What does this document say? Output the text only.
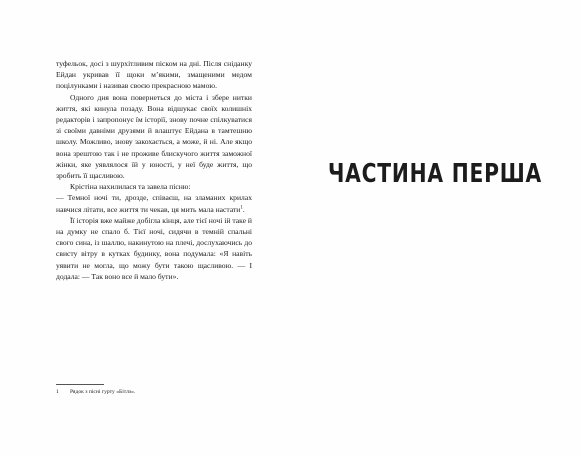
туфельок, досі з шурхітливим піском на дні. Після сніданку Ейдан укривав її щоки м’якими, змащеними медом поцілунками і називав своєю прекрасною мамою.

Одного дня вона повернеться до міста і збере нитки життя, які кинула позаду. Вона відшукає своїх колишніх редакторів і запропонує їм історії, знову почне спілкуватися зі своїми давніми друзями й влаштує Ейдана в тамтешню школу. Можливо, знову закохається, а може, й ні. Але якщо вона зрештою так і не проживе блискучого життя заможної жінки, яке уявлялося їй у юності, у неї буде життя, що зробить її щасливою.

Крістіна нахилилася та завела пісню:

— Темної ночі ти, дрозде, співаєш, на зламаних крилах навчися літати, все життя ти чекав, ця мить мала настати$^1$.

Її історія вже майже добігла кінця, але тієї ночі ій таке й на думку не спало б. Тієї ночі, сидячи в темній спальні свого сина, із шаллю, накинутою на плечі, дослухаючись до свисту вітру в кутках будинку, вона подумала: «Я навіть уявити не могла, що можу бути такою щасливою. — І додала: — Так воно все й мало бути».

1 Рядок з пісні гурту «Бітлз».
ЧАСТИНА ПЕРША
